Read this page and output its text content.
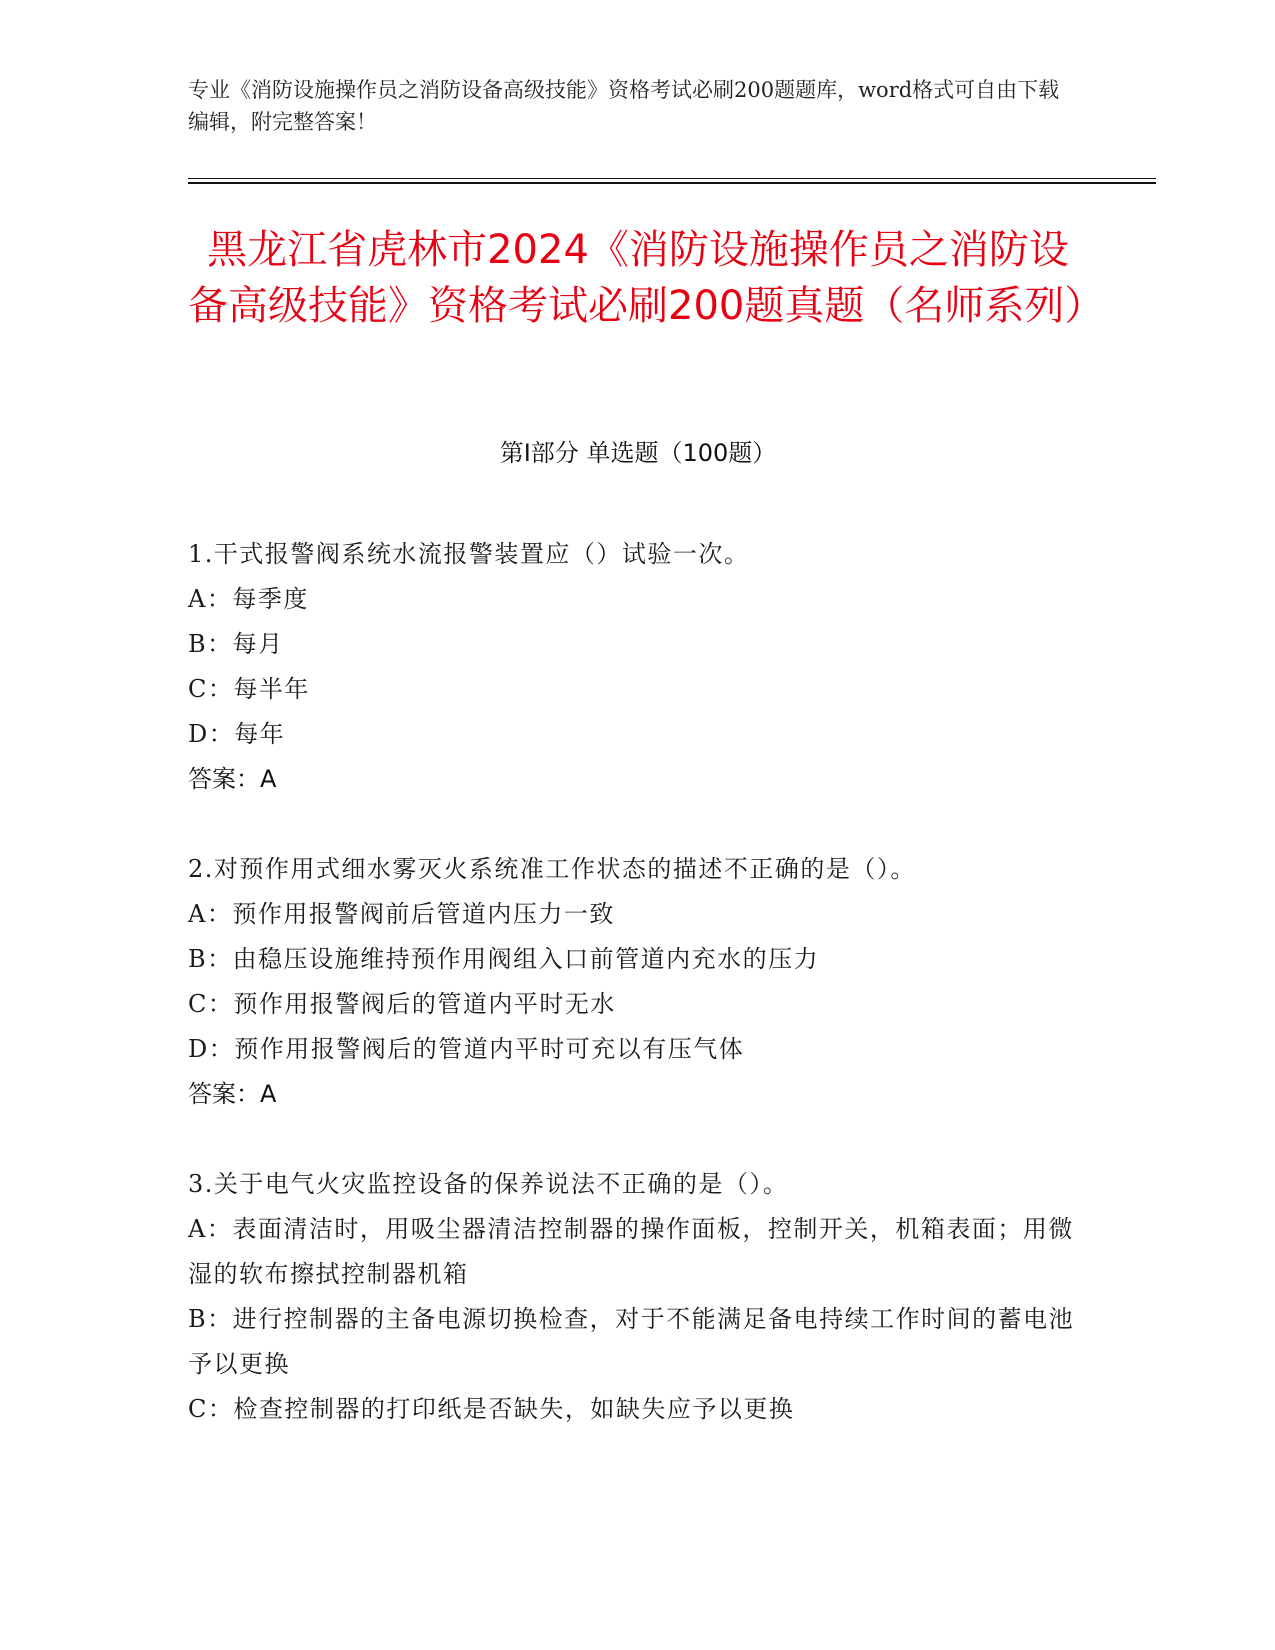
专业《消防设施操作员之消防设备高级技能》资格考试必刷200题题库，word格式可自由下载编辑，附完整答案！
黑龙江省虎林市2024《消防设施操作员之消防设备高级技能》资格考试必刷200题真题（名师系列）
第Ⅰ部分 单选题（100题）
1.干式报警阀系统水流报警装置应（）试验一次。
A：每季度
B：每月
C：每半年
D：每年
答案：A
2.对预作用式细水雾灭火系统准工作状态的描述不正确的是（）。
A：预作用报警阀前后管道内压力一致
B：由稳压设施维持预作用阀组入口前管道内充水的压力
C：预作用报警阀后的管道内平时无水
D：预作用报警阀后的管道内平时可充以有压气体
答案：A
3.关于电气火灾监控设备的保养说法不正确的是（）。
A：表面清洁时，用吸尘器清洁控制器的操作面板，控制开关，机箱表面；用微湿的软布擦拭控制器机箱
B：进行控制器的主备电源切换检查，对于不能满足备电持续工作时间的蓄电池予以更换
C：检查控制器的打印纸是否缺失，如缺失应予以更换
